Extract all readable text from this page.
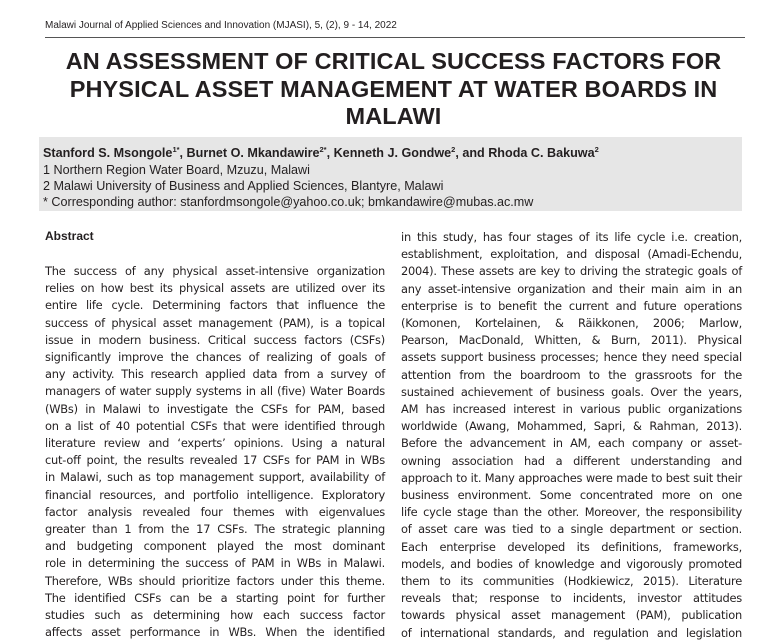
Malawi Journal of Applied Sciences and Innovation (MJASI), 5, (2), 9 - 14, 2022
AN ASSESSMENT OF CRITICAL SUCCESS FACTORS FOR
PHYSICAL ASSET MANAGEMENT AT WATER BOARDS IN
MALAWI
Stanford S. Msongole$^{1*}$, Burnet O. Mkandawire$^{2*}$, Kenneth J. Gondwe$^2$, and Rhoda C. Bakuwa$^2$
1 Northern Region Water Board, Mzuzu, Malawi
2 Malawi University of Business and Applied Sciences, Blantyre, Malawi
* Corresponding author: stanfordmsongole@yahoo.co.uk; bmkandawire@mubas.ac.mw
Abstract
The success of any physical asset-intensive organization
relies on how best its physical assets are utilized over its
entire life cycle. Determining factors that influence the
success of physical asset management (PAM), is a topical
issue in modern business. Critical success factors (CSFs)
significantly improve the chances of realizing of goals of
any activity. This research applied data from a survey of
managers of water supply systems in all (five) Water Boards
(WBs) in Malawi to investigate the CSFs for PAM, based
on a list of 40 potential CSFs that were identified through
literature review and ‘experts’ opinions. Using a natural
cut-off point, the results revealed 17 CSFs for PAM in WBs
in Malawi, such as top management support, availability of
financial resources, and portfolio intelligence. Exploratory
factor analysis revealed four themes with eigenvalues
greater than 1 from the 17 CSFs. The strategic planning
and budgeting component played the most dominant
role in determining the success of PAM in WBs in Malawi.
Therefore, WBs should prioritize factors under this theme.
The identified CSFs can be a starting point for further
studies such as determining how each success factor
affects asset performance in WBs. When the identified
in this study, has four stages of its life cycle i.e. creation,
establishment, exploitation, and disposal (Amadi-Echendu,
2004). These assets are key to driving the strategic goals of
any asset-intensive organization and their main aim in an
enterprise is to benefit the current and future operations
(Komonen, Kortelainen, & Räikkonen, 2006; Marlow,
Pearson, MacDonald, Whitten, & Burn, 2011). Physical
assets support business processes; hence they need special
attention from the boardroom to the grassroots for the
sustained achievement of business goals. Over the years,
AM has increased interest in various public organizations
worldwide (Awang, Mohammed, Sapri, & Rahman, 2013).
Before the advancement in AM, each company or asset-
owning association had a different understanding and
approach to it. Many approaches were made to best suit their
business environment. Some concentrated more on one
life cycle stage than the other. Moreover, the responsibility
of asset care was tied to a single department or section.
Each enterprise developed its definitions, frameworks,
models, and bodies of knowledge and vigorously promoted
them to its communities (Hodkiewicz, 2015). Literature
reveals that; response to incidents, investor attitudes
towards physical asset management (PAM), publication
of international standards, and regulation and legislation
